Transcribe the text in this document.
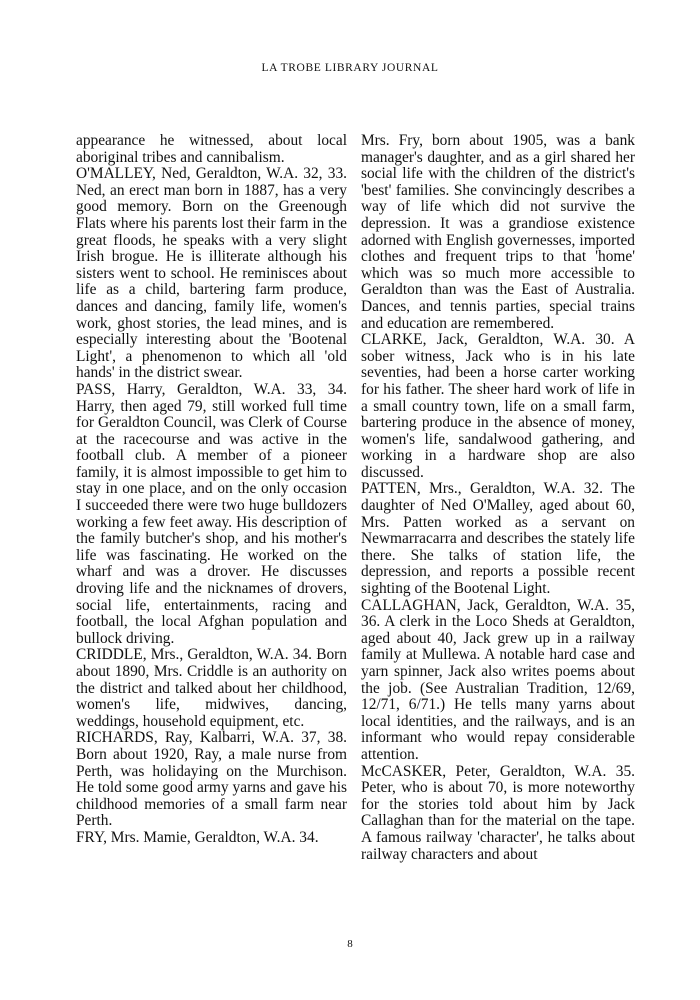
LA TROBE LIBRARY JOURNAL

appearance he witnessed, about local aboriginal tribes and cannibalism.

O'MALLEY, Ned, Geraldton, W.A. 32, 33. Ned, an erect man born in 1887, has a very good memory. Born on the Greenough Flats where his parents lost their farm in the great floods, he speaks with a very slight Irish brogue. He is illiterate although his sisters went to school. He reminisces about life as a child, bartering farm produce, dances and dancing, family life, women's work, ghost stories, the lead mines, and is especially interesting about the 'Bootenal Light', a phenomenon to which all 'old hands' in the district swear.

PASS, Harry, Geraldton, W.A. 33, 34. Harry, then aged 79, still worked full time for Geraldton Council, was Clerk of Course at the racecourse and was active in the football club. A member of a pioneer family, it is almost impossible to get him to stay in one place, and on the only occasion I succeeded there were two huge bulldozers working a few feet away. His description of the family butcher's shop, and his mother's life was fascinating. He worked on the wharf and was a drover. He discusses droving life and the nicknames of drovers, social life, entertainments, racing and football, the local Afghan population and bullock driving.

CRIDDLE, Mrs., Geraldton, W.A. 34. Born about 1890, Mrs. Criddle is an authority on the district and talked about her childhood, women's life, midwives, dancing, weddings, household equipment, etc.

RICHARDS, Ray, Kalbarri, W.A. 37, 38. Born about 1920, Ray, a male nurse from Perth, was holidaying on the Murchison. He told some good army yarns and gave his childhood memories of a small farm near Perth.

FRY, Mrs. Mamie, Geraldton, W.A. 34.

Mrs. Fry, born about 1905, was a bank manager's daughter, and as a girl shared her social life with the children of the district's 'best' families. She convincingly describes a way of life which did not survive the depression. It was a grandiose existence adorned with English governesses, imported clothes and frequent trips to that 'home' which was so much more accessible to Geraldton than was the East of Australia. Dances, and tennis parties, special trains and education are remembered.

CLARKE, Jack, Geraldton, W.A. 30. A sober witness, Jack who is in his late seventies, had been a horse carter working for his father. The sheer hard work of life in a small country town, life on a small farm, bartering produce in the absence of money, women's life, sandalwood gathering, and working in a hardware shop are also discussed.

PATTEN, Mrs., Geraldton, W.A. 32. The daughter of Ned O'Malley, aged about 60, Mrs. Patten worked as a servant on Newmarracarra and describes the stately life there. She talks of station life, the depression, and reports a possible recent sighting of the Bootenal Light.

CALLAGHAN, Jack, Geraldton, W.A. 35, 36. A clerk in the Loco Sheds at Geraldton, aged about 40, Jack grew up in a railway family at Mullewa. A notable hard case and yarn spinner, Jack also writes poems about the job. (See Australian Tradition, 12/69, 12/71, 6/71.) He tells many yarns about local identities, and the railways, and is an informant who would repay considerable attention.

McCASKER, Peter, Geraldton, W.A. 35. Peter, who is about 70, is more noteworthy for the stories told about him by Jack Callaghan than for the material on the tape. A famous railway 'character', he talks about railway characters and about

8
